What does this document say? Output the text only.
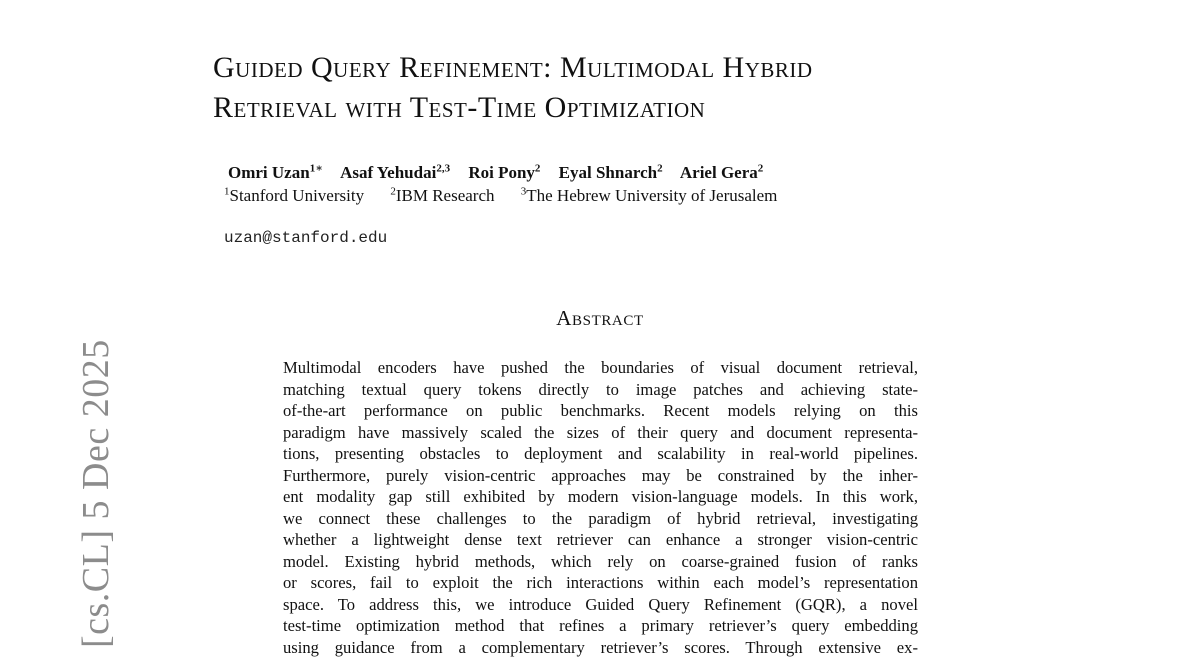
[cs.CL] 5 Dec 2025
Guided Query Refinement: Multimodal Hybrid
Retrieval with Test-Time Optimization
Omri Uzan$^{1∗}$ Asaf Yehudai$^{2,3}$ Roi Pony$^2$ Eyal Shnarch$^2$ Ariel Gera$^2$
$^1$Stanford University $^2$IBM Research $^3$The Hebrew University of Jerusalem
uzan@stanford.edu
Abstract
Multimodal encoders have pushed the boundaries of visual document retrieval,
matching textual query tokens directly to image patches and achieving state-
of-the-art performance on public benchmarks. Recent models relying on this
paradigm have massively scaled the sizes of their query and document representa-
tions, presenting obstacles to deployment and scalability in real-world pipelines.
Furthermore, purely vision-centric approaches may be constrained by the inher-
ent modality gap still exhibited by modern vision-language models. In this work,
we connect these challenges to the paradigm of hybrid retrieval, investigating
whether a lightweight dense text retriever can enhance a stronger vision-centric
model. Existing hybrid methods, which rely on coarse-grained fusion of ranks
or scores, fail to exploit the rich interactions within each model’s representation
space. To address this, we introduce Guided Query Refinement (GQR), a novel
test-time optimization method that refines a primary retriever’s query embedding
using guidance from a complementary retriever’s scores. Through extensive ex-
